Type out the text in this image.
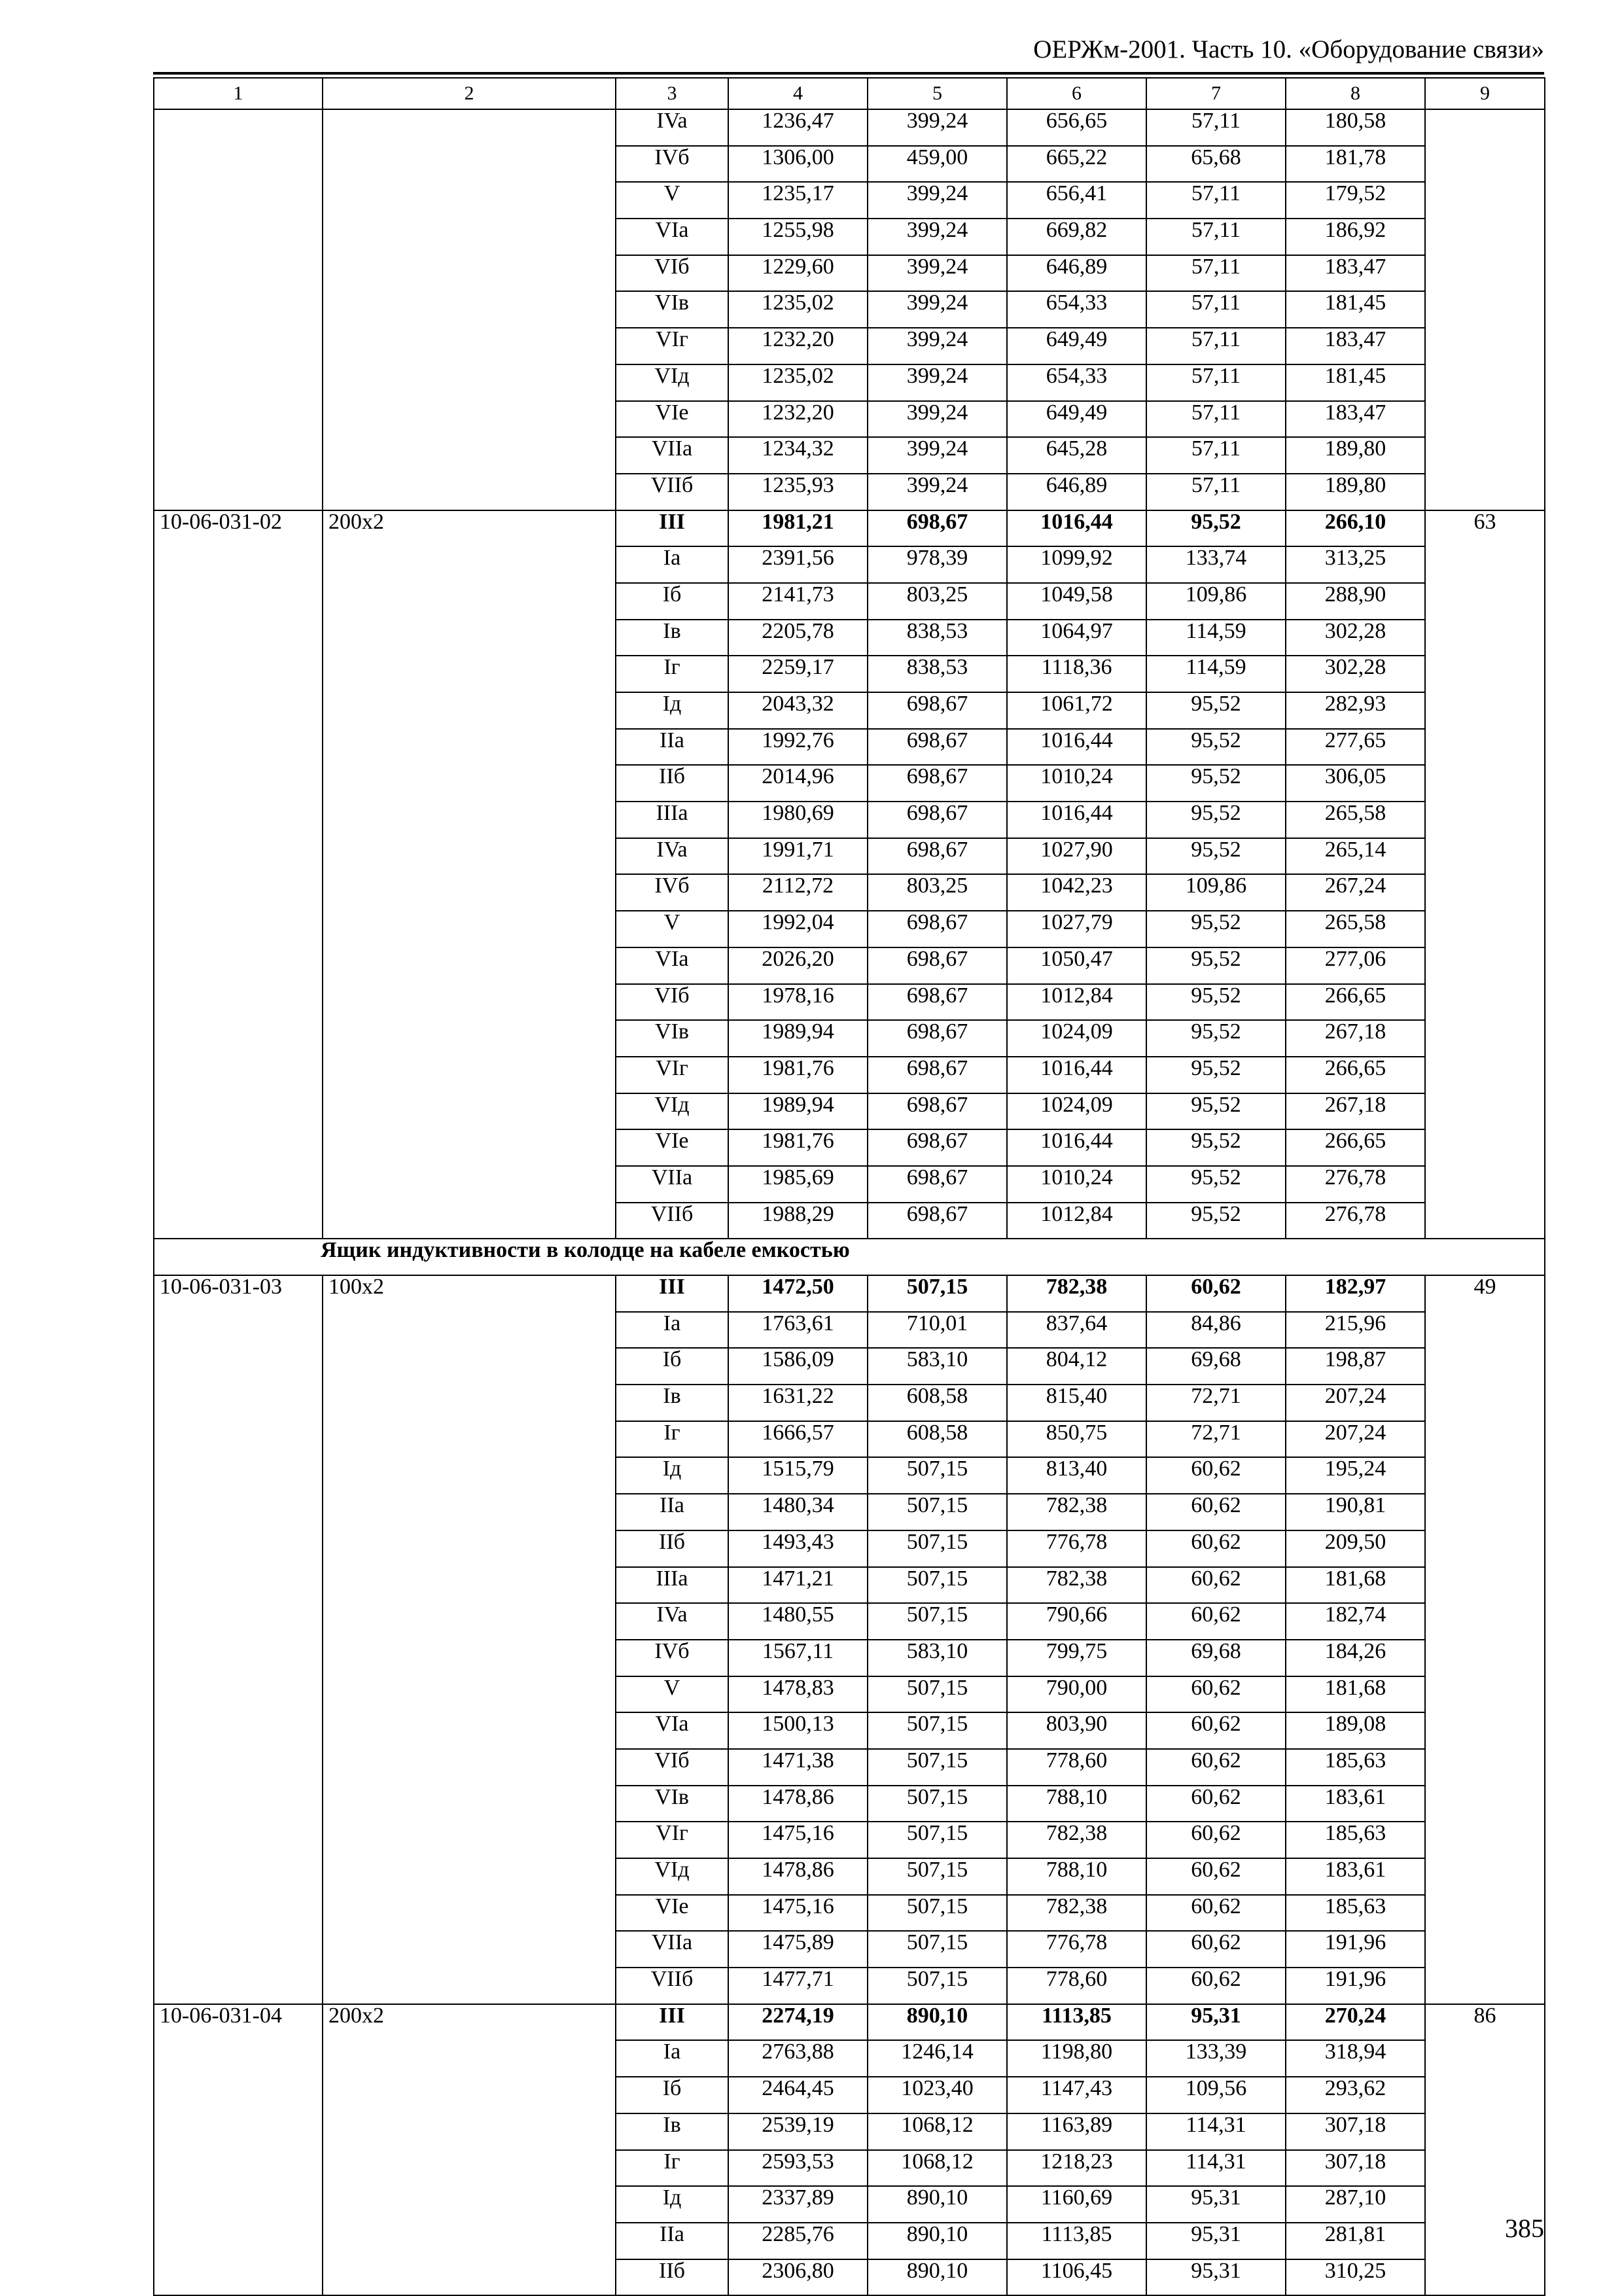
ОЕРЖм-2001. Часть 10. «Оборудование связи»
1	2	3	4	5	6	7	8	9
		IVa	1236,47	399,24	656,65	57,11	180,58	
		IVб	1306,00	459,00	665,22	65,68	181,78	
		V	1235,17	399,24	656,41	57,11	179,52	
		VIa	1255,98	399,24	669,82	57,11	186,92	
		VIб	1229,60	399,24	646,89	57,11	183,47	
		VIв	1235,02	399,24	654,33	57,11	181,45	
		VIг	1232,20	399,24	649,49	57,11	183,47	
		VIд	1235,02	399,24	654,33	57,11	181,45	
		VIe	1232,20	399,24	649,49	57,11	183,47	
		VIIa	1234,32	399,24	645,28	57,11	189,80	
		VIIб	1235,93	399,24	646,89	57,11	189,80	
10-06-031-02	200х2	III	1981,21	698,67	1016,44	95,52	266,10	63
		Ia	2391,56	978,39	1099,92	133,74	313,25	
		Iб	2141,73	803,25	1049,58	109,86	288,90	
		Iв	2205,78	838,53	1064,97	114,59	302,28	
		Iг	2259,17	838,53	1118,36	114,59	302,28	
		Iд	2043,32	698,67	1061,72	95,52	282,93	
		IIa	1992,76	698,67	1016,44	95,52	277,65	
		IIб	2014,96	698,67	1010,24	95,52	306,05	
		IIIa	1980,69	698,67	1016,44	95,52	265,58	
		IVa	1991,71	698,67	1027,90	95,52	265,14	
		IVб	2112,72	803,25	1042,23	109,86	267,24	
		V	1992,04	698,67	1027,79	95,52	265,58	
		VIa	2026,20	698,67	1050,47	95,52	277,06	
		VIб	1978,16	698,67	1012,84	95,52	266,65	
		VIв	1989,94	698,67	1024,09	95,52	267,18	
		VIг	1981,76	698,67	1016,44	95,52	266,65	
		VIд	1989,94	698,67	1024,09	95,52	267,18	
		VIe	1981,76	698,67	1016,44	95,52	266,65	
		VIIa	1985,69	698,67	1010,24	95,52	276,78	
		VIIб	1988,29	698,67	1012,84	95,52	276,78	
Ящик индуктивности в колодце на кабеле емкостью								
10-06-031-03	100х2	III	1472,50	507,15	782,38	60,62	182,97	49
		Ia	1763,61	710,01	837,64	84,86	215,96	
		Iб	1586,09	583,10	804,12	69,68	198,87	
		Iв	1631,22	608,58	815,40	72,71	207,24	
		Iг	1666,57	608,58	850,75	72,71	207,24	
		Iд	1515,79	507,15	813,40	60,62	195,24	
		IIa	1480,34	507,15	782,38	60,62	190,81	
		IIб	1493,43	507,15	776,78	60,62	209,50	
		IIIa	1471,21	507,15	782,38	60,62	181,68	
		IVa	1480,55	507,15	790,66	60,62	182,74	
		IVб	1567,11	583,10	799,75	69,68	184,26	
		V	1478,83	507,15	790,00	60,62	181,68	
		VIa	1500,13	507,15	803,90	60,62	189,08	
		VIб	1471,38	507,15	778,60	60,62	185,63	
		VIв	1478,86	507,15	788,10	60,62	183,61	
		VIг	1475,16	507,15	782,38	60,62	185,63	
		VIд	1478,86	507,15	788,10	60,62	183,61	
		VIe	1475,16	507,15	782,38	60,62	185,63	
		VIIa	1475,89	507,15	776,78	60,62	191,96	
		VIIб	1477,71	507,15	778,60	60,62	191,96	
10-06-031-04	200х2	III	2274,19	890,10	1113,85	95,31	270,24	86
		Ia	2763,88	1246,14	1198,80	133,39	318,94	
		Iб	2464,45	1023,40	1147,43	109,56	293,62	
		Iв	2539,19	1068,12	1163,89	114,31	307,18	
		Iг	2593,53	1068,12	1218,23	114,31	307,18	
		Iд	2337,89	890,10	1160,69	95,31	287,10	
		IIa	2285,76	890,10	1113,85	95,31	281,81	
		IIб	2306,80	890,10	1106,45	95,31	310,25	
385
